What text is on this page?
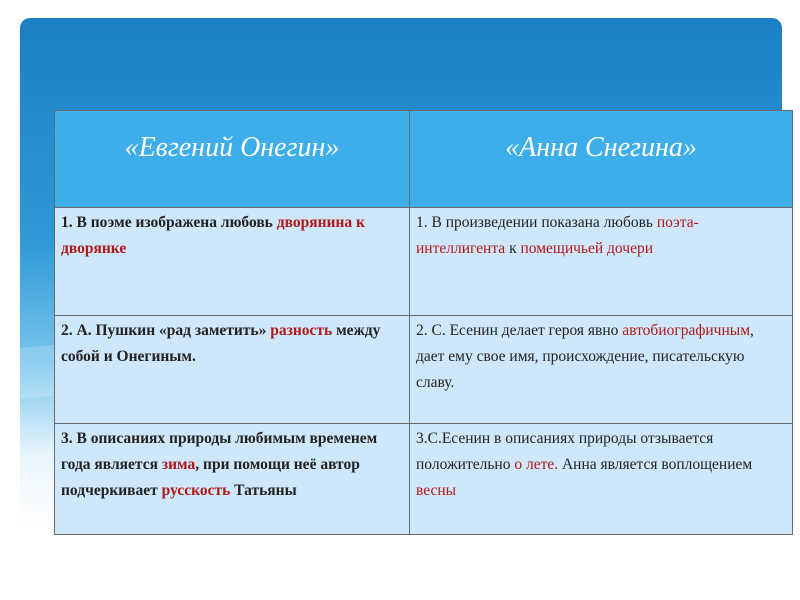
«Евгений Онегин»	«Анна Снегина»
1. В поэме изображена любовь дворянина к дворянке	1. В произведении показана любовь поэта-интеллигента к помещичьей дочери
2. А. Пушкин «рад заметить» разность между собой и Онегиным.	2. С. Есенин делает героя явно автобиографичным, дает ему свое имя, происхождение, писательскую славу.
3. В описаниях природы любимым временем года является зима, при помощи неё автор подчеркивает русскость Татьяны	3.С.Есенин в описаниях природы отзывается положительно о лете. Анна является воплощением весны
